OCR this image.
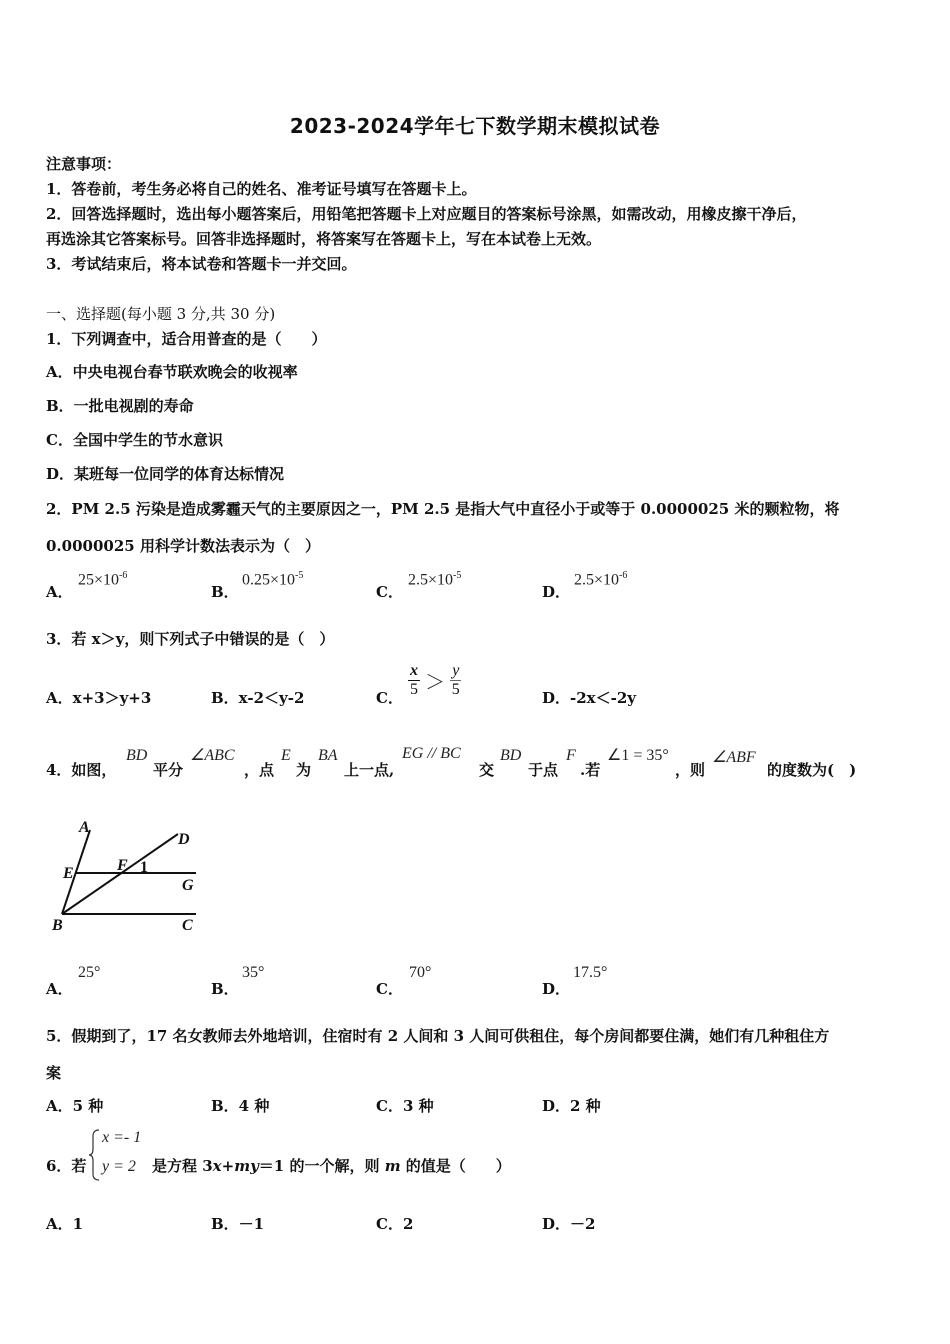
2023-2024学年七下数学期末模拟试卷
注意事项：
1．答卷前，考生务必将自己的姓名、准考证号填写在答题卡上。
2．回答选择题时，选出每小题答案后，用铅笔把答题卡上对应题目的答案标号涂黑，如需改动，用橡皮擦干净后，
再选涂其它答案标号。回答非选择题时，将答案写在答题卡上，写在本试卷上无效。
3．考试结束后，将本试卷和答题卡一并交回。
一、选择题(每小题 3 分,共 30 分)
1．下列调查中，适合用普查的是（　　）
A．中央电视台春节联欢晚会的收视率
B．一批电视剧的寿命
C．全国中学生的节水意识
D．某班每一位同学的体育达标情况
2．PM 2.5 污染是造成雾霾天气的主要原因之一，PM 2.5 是指大气中直径小于或等于 0.0000025 米的颗粒物，将
0.0000025 用科学计数法表示为（　）
A．
$25\times 10^{-6}$
B．
$0.25\times 10^{-5}$
C．
$2.5\times 10^{-5}$
D．
$2.5\times 10^{-6}$
3．若 x＞y，则下列式子中错误的是（　）
A．x+3＞y+3	B．x-2＜y-2	C． $\frac{x}{5} > \frac{y}{5}$	D．-2x＜-2y
4．如图，
BD
平分
∠ABC
，点
E
为
BA
上一点,
EG // BC
交
BD
于点
F
.若
∠1 = 35°
，则
∠ABF
的度数为(　)
A
D
E	F 1
G
B	C
A．
25°
B．
35°
C．
70°
D．
17.5°
5．假期到了，17 名女教师去外地培训，住宿时有 2 人间和 3 人间可供租住，每个房间都要住满，她们有几种租住方
案
A．5 种	B．4 种	C．3 种	D．2 种
6．若
x =- 1
y = 2 是方程 3x+my＝1 的一个解，则 m 的值是（　　）
A．1	B．－1	C．2	D．－2
